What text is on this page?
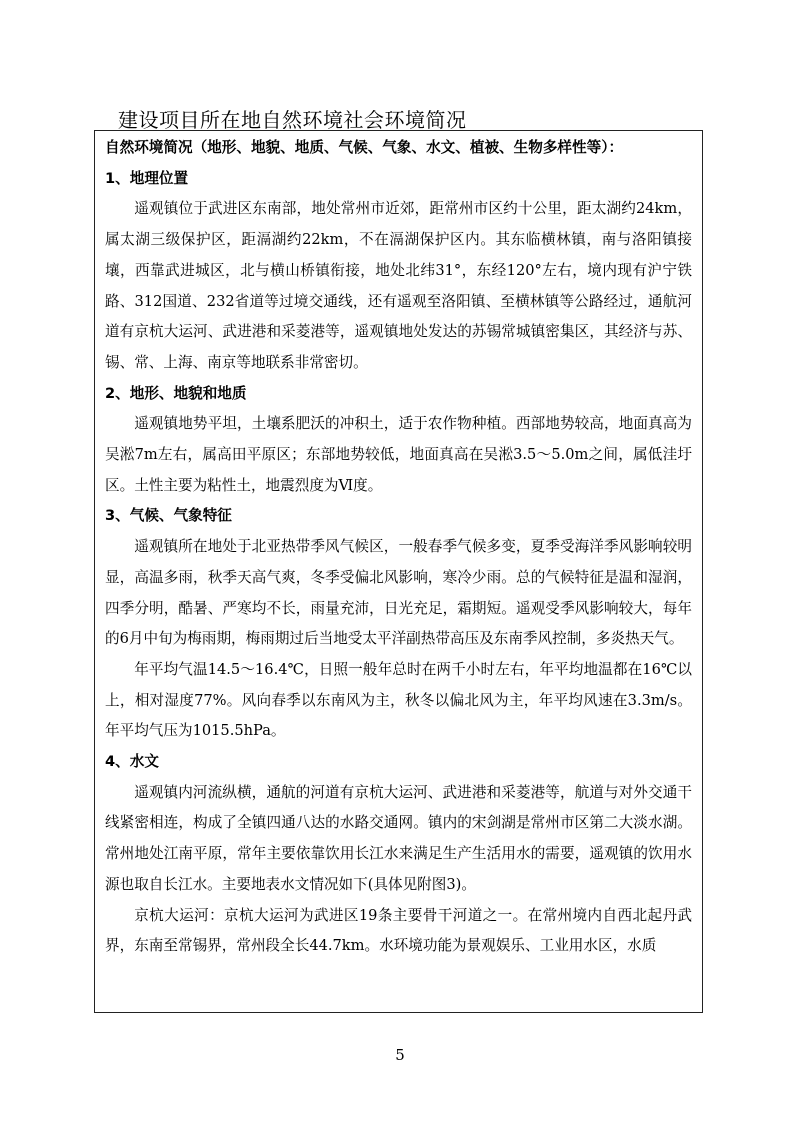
建设项目所在地自然环境社会环境简况

自然环境简况（地形、地貌、地质、气候、气象、水文、植被、生物多样性等）：

1、地理位置

遥观镇位于武进区东南部，地处常州市近郊，距常州市区约十公里，距太湖约24km，属太湖三级保护区，距滆湖约22km，不在滆湖保护区内。其东临横林镇，南与洛阳镇接壤，西靠武进城区，北与横山桥镇衔接，地处北纬31°，东经120°左右，境内现有沪宁铁路、312国道、232省道等过境交通线，还有遥观至洛阳镇、至横林镇等公路经过，通航河道有京杭大运河、武进港和采菱港等，遥观镇地处发达的苏锡常城镇密集区，其经济与苏、锡、常、上海、南京等地联系非常密切。

2、地形、地貌和地质

遥观镇地势平坦，土壤系肥沃的冲积土，适于农作物种植。西部地势较高，地面真高为吴淞7m左右，属高田平原区；东部地势较低，地面真高在吴淞3.5～5.0m之间，属低洼圩区。土性主要为粘性土，地震烈度为Ⅵ度。

3、气候、气象特征

遥观镇所在地处于北亚热带季风气候区，一般春季气候多变，夏季受海洋季风影响较明显，高温多雨，秋季天高气爽，冬季受偏北风影响，寒冷少雨。总的气候特征是温和湿润，四季分明，酷暑、严寒均不长，雨量充沛，日光充足，霜期短。遥观受季风影响较大，每年的6月中旬为梅雨期，梅雨期过后当地受太平洋副热带高压及东南季风控制，多炎热天气。

年平均气温14.5～16.4℃，日照一般年总时在两千小时左右，年平均地温都在16℃以上，相对湿度77%。风向春季以东南风为主，秋冬以偏北风为主，年平均风速在3.3m/s。年平均气压为1015.5hPa。

4、水文

遥观镇内河流纵横，通航的河道有京杭大运河、武进港和采菱港等，航道与对外交通干线紧密相连，构成了全镇四通八达的水路交通网。镇内的宋剑湖是常州市区第二大淡水湖。常州地处江南平原，常年主要依靠饮用长江水来满足生产生活用水的需要，遥观镇的饮用水源也取自长江水。主要地表水文情况如下(具体见附图3)。

京杭大运河：京杭大运河为武进区19条主要骨干河道之一。在常州境内自西北起丹武界，东南至常锡界，常州段全长44.7km。水环境功能为景观娱乐、工业用水区，水质

5
